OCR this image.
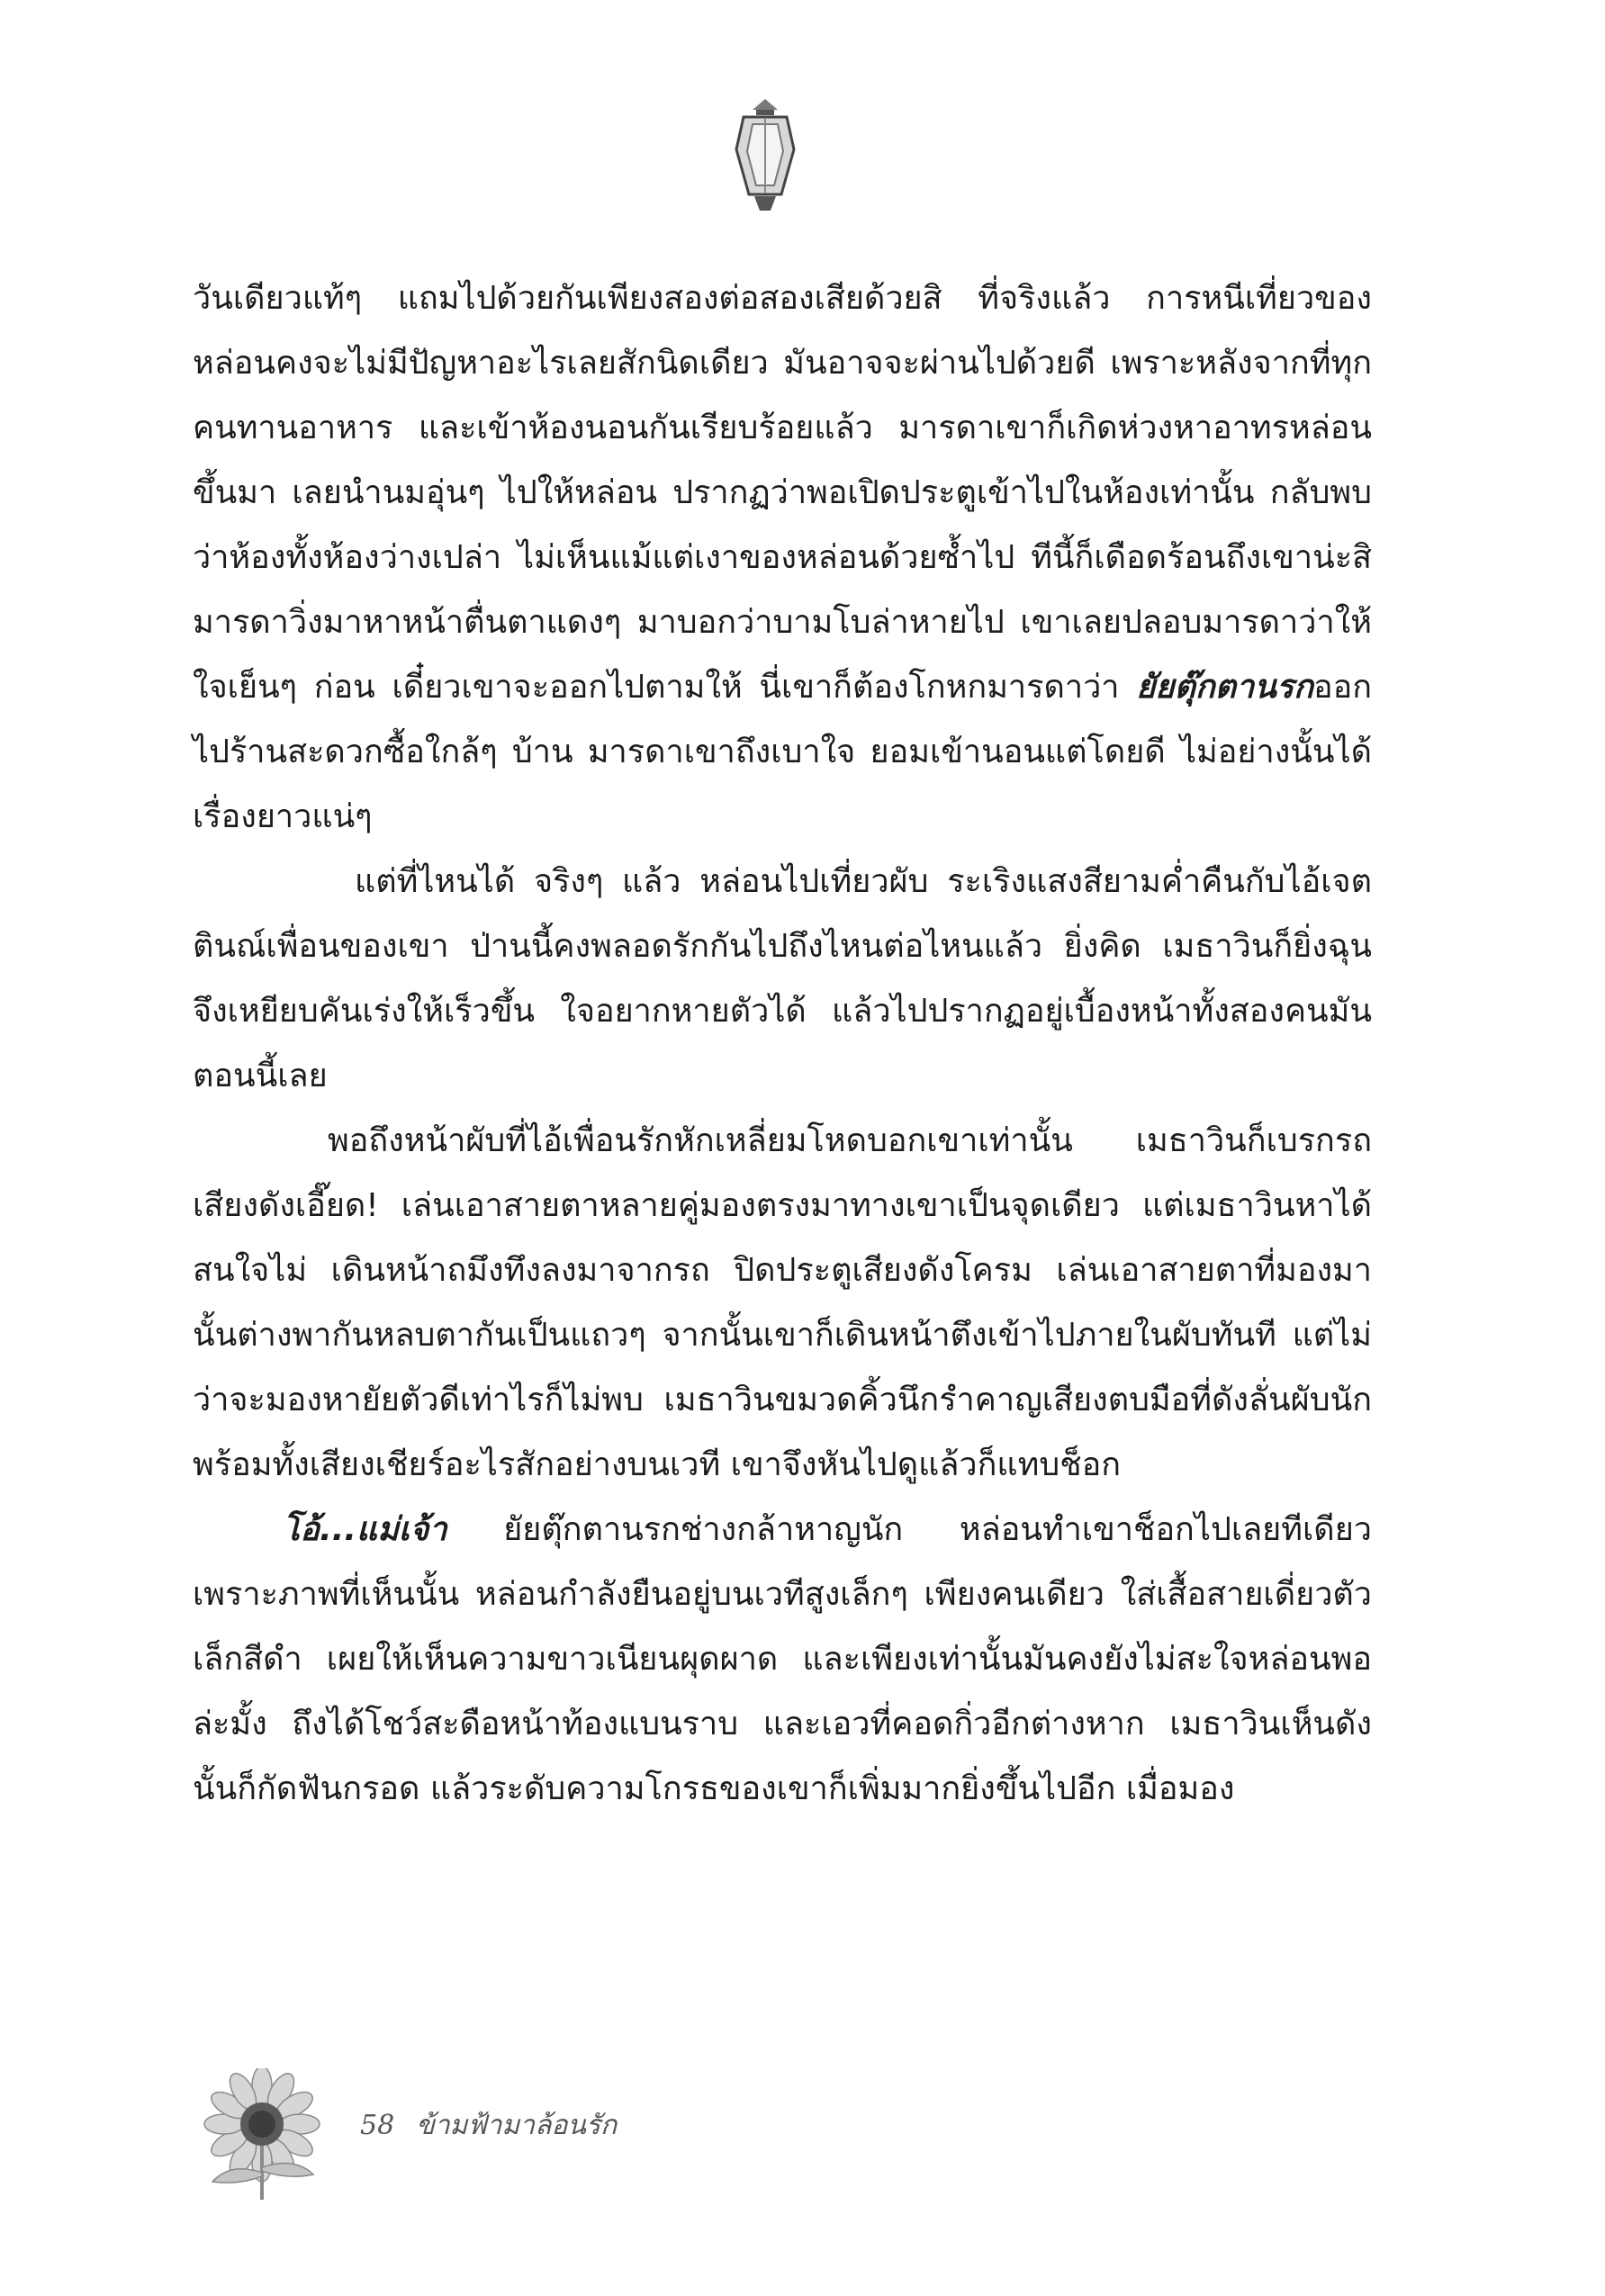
วันเดียวแท้ๆ แถมไปด้วยกันเพียงสองต่อสองเสียด้วยสิ ที่จริงแล้ว การหนีเที่ยวของหล่อนคงจะไม่มีปัญหาอะไรเลยสักนิดเดียว มันอาจจะผ่านไปด้วยดี เพราะหลังจากที่ทุกคนทานอาหาร และเข้าห้องนอนกันเรียบร้อยแล้ว มารดาเขาก็เกิดห่วงหาอาทรหล่อนขึ้นมา เลยนำนมอุ่นๆ ไปให้หล่อน ปรากฏว่าพอเปิดประตูเข้าไปในห้องเท่านั้น กลับพบว่าห้องทั้งห้องว่างเปล่า ไม่เห็นแม้แต่เงาของหล่อนด้วยซ้ำไป ทีนี้ก็เดือดร้อนถึงเขาน่ะสิ มารดาวิ่งมาหาหน้าตื่นตาแดงๆ มาบอกว่าบามโบล่าหายไป เขาเลยปลอบมารดาว่าให้ใจเย็นๆ ก่อน เดี๋ยวเขาจะออกไปตามให้ นี่เขาก็ต้องโกหกมารดาว่า ยัยตุ๊กตานรกออกไปร้านสะดวกซื้อใกล้ๆ บ้าน มารดาเขาถึงเบาใจ ยอมเข้านอนแต่โดยดี ไม่อย่างนั้นได้เรื่องยาวแน่ๆ

แต่ที่ไหนได้ จริงๆ แล้ว หล่อนไปเที่ยวผับ ระเริงแสงสียามค่ำคืนกับไอ้เจตตินณ์เพื่อนของเขา ป่านนี้คงพลอดรักกันไปถึงไหนต่อไหนแล้ว ยิ่งคิด เมธาวินก็ยิ่งฉุนจึงเหยียบคันเร่งให้เร็วขึ้น ใจอยากหายตัวได้ แล้วไปปรากฏอยู่เบื้องหน้าทั้งสองคนมันตอนนี้เลย

พอถึงหน้าผับที่ไอ้เพื่อนรักหักเหลี่ยมโหดบอกเขาเท่านั้น เมธาวินก็เบรกรถเสียงดังเอี๊ยด! เล่นเอาสายตาหลายคู่มองตรงมาทางเขาเป็นจุดเดียว แต่เมธาวินหาได้สนใจไม่ เดินหน้าถมึงทึงลงมาจากรถ ปิดประตูเสียงดังโครม เล่นเอาสายตาที่มองมานั้นต่างพากันหลบตากันเป็นแถวๆ จากนั้นเขาก็เดินหน้าตึงเข้าไปภายในผับทันที แต่ไม่ว่าจะมองหายัยตัวดีเท่าไรก็ไม่พบ เมธาวินขมวดคิ้วนึกรำคาญเสียงตบมือที่ดังลั่นผับนัก พร้อมทั้งเสียงเชียร์อะไรสักอย่างบนเวที เขาจึงหันไปดูแล้วก็แทบช็อก

โอ้...แม่เจ้า ยัยตุ๊กตานรกช่างกล้าหาญนัก หล่อนทำเขาช็อกไปเลยทีเดียว เพราะภาพที่เห็นนั้น หล่อนกำลังยืนอยู่บนเวทีสูงเล็กๆ เพียงคนเดียว ใส่เสื้อสายเดี่ยวตัวเล็กสีดำ เผยให้เห็นความขาวเนียนผุดผาด และเพียงเท่านั้นมันคงยังไม่สะใจหล่อนพอล่ะมั้ง ถึงได้โชว์สะดือหน้าท้องแบนราบ และเอวที่คอดกิ่วอีกต่างหาก เมธาวินเห็นดังนั้นก็กัดฟันกรอด แล้วระดับความโกรธของเขาก็เพิ่มมากยิ่งขึ้นไปอีก เมื่อมอง

58 ข้ามฟ้ามาล้อนรัก
